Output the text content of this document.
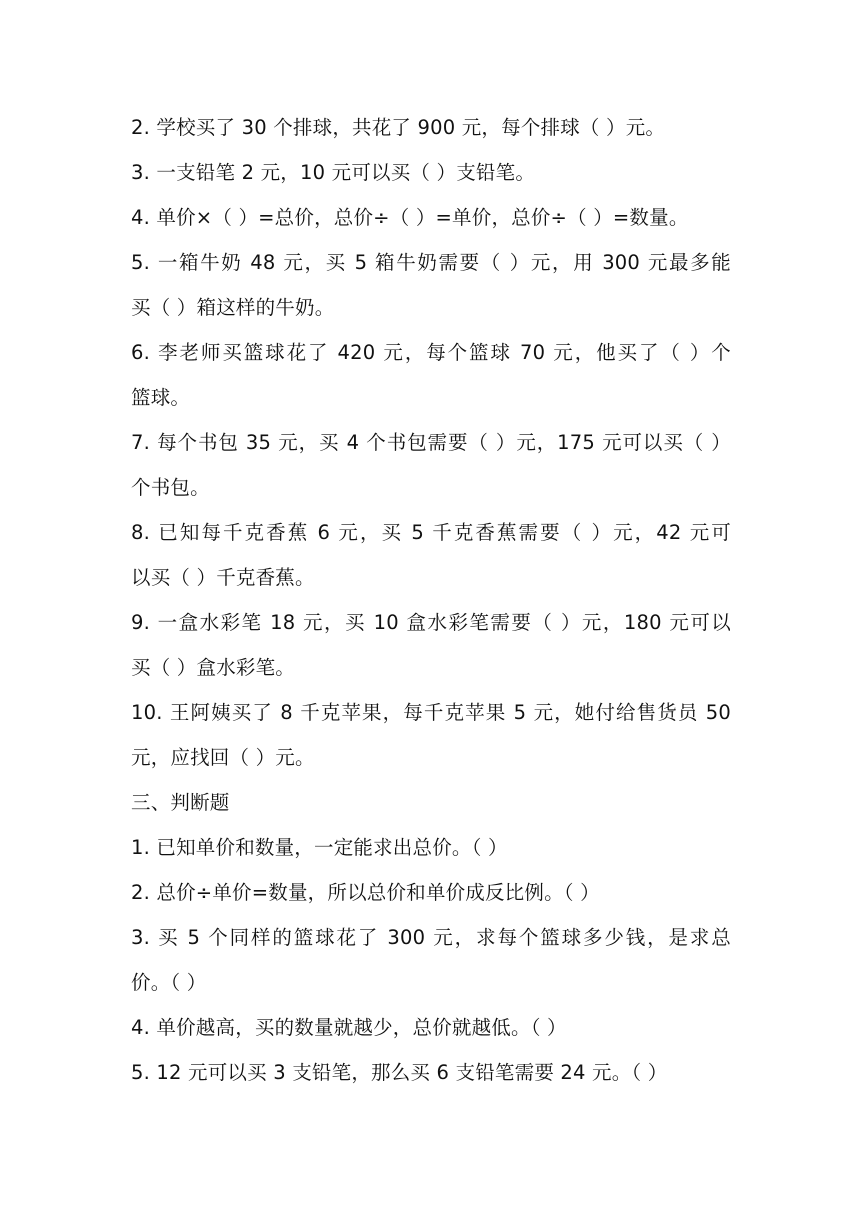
2. 学校买了 30 个排球，共花了 900 元，每个排球（ ）元。
3. 一支铅笔 2 元，10 元可以买（ ）支铅笔。
4. 单价×（ ）=总价，总价÷（ ）=单价，总价÷（ ）=数量。
5. 一箱牛奶 48 元，买 5 箱牛奶需要（ ）元，用 300 元最多能
买（ ）箱这样的牛奶。
6. 李老师买篮球花了 420 元，每个篮球 70 元，他买了（ ）个
篮球。
7. 每个书包 35 元，买 4 个书包需要（ ）元，175 元可以买（ ）
个书包。
8. 已知每千克香蕉 6 元，买 5 千克香蕉需要（ ）元，42 元可
以买（ ）千克香蕉。
9. 一盒水彩笔 18 元，买 10 盒水彩笔需要（ ）元，180 元可以
买（ ）盒水彩笔。
10. 王阿姨买了 8 千克苹果，每千克苹果 5 元，她付给售货员 50
元，应找回（ ）元。
三、判断题
1. 已知单价和数量，一定能求出总价。（ ）
2. 总价÷单价=数量，所以总价和单价成反比例。（ ）
3. 买 5 个同样的篮球花了 300 元，求每个篮球多少钱，是求总
价。（ ）
4. 单价越高，买的数量就越少，总价就越低。（ ）
5. 12 元可以买 3 支铅笔，那么买 6 支铅笔需要 24 元。（ ）
